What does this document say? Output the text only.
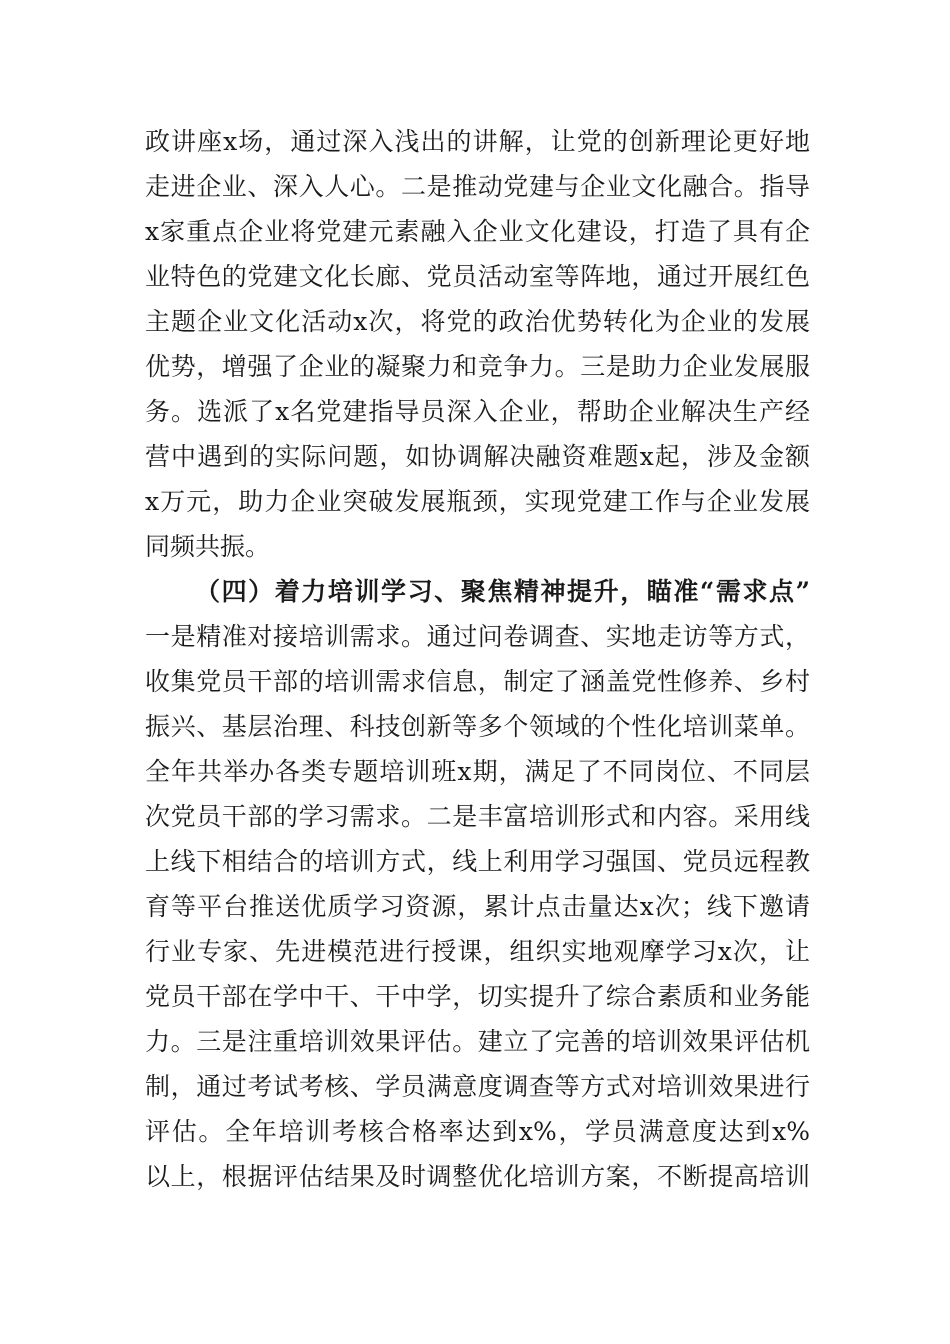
政讲座x场，通过深入浅出的讲解，让党的创新理论更好地
走进企业、深入人心。二是推动党建与企业文化融合。指导
x家重点企业将党建元素融入企业文化建设，打造了具有企
业特色的党建文化长廊、党员活动室等阵地，通过开展红色
主题企业文化活动x次，将党的政治优势转化为企业的发展
优势，增强了企业的凝聚力和竞争力。三是助力企业发展服
务。选派了x名党建指导员深入企业，帮助企业解决生产经
营中遇到的实际问题，如协调解决融资难题x起，涉及金额
x万元，助力企业突破发展瓶颈，实现党建工作与企业发展
同频共振。
（四）着力培训学习、聚焦精神提升，瞄准“需求点”
一是精准对接培训需求。通过问卷调查、实地走访等方式，
收集党员干部的培训需求信息，制定了涵盖党性修养、乡村
振兴、基层治理、科技创新等多个领域的个性化培训菜单。
全年共举办各类专题培训班x期，满足了不同岗位、不同层
次党员干部的学习需求。二是丰富培训形式和内容。采用线
上线下相结合的培训方式，线上利用学习强国、党员远程教
育等平台推送优质学习资源，累计点击量达x次；线下邀请
行业专家、先进模范进行授课，组织实地观摩学习x次，让
党员干部在学中干、干中学，切实提升了综合素质和业务能
力。三是注重培训效果评估。建立了完善的培训效果评估机
制，通过考试考核、学员满意度调查等方式对培训效果进行
评估。全年培训考核合格率达到x%，学员满意度达到x%
以上，根据评估结果及时调整优化培训方案，不断提高培训
